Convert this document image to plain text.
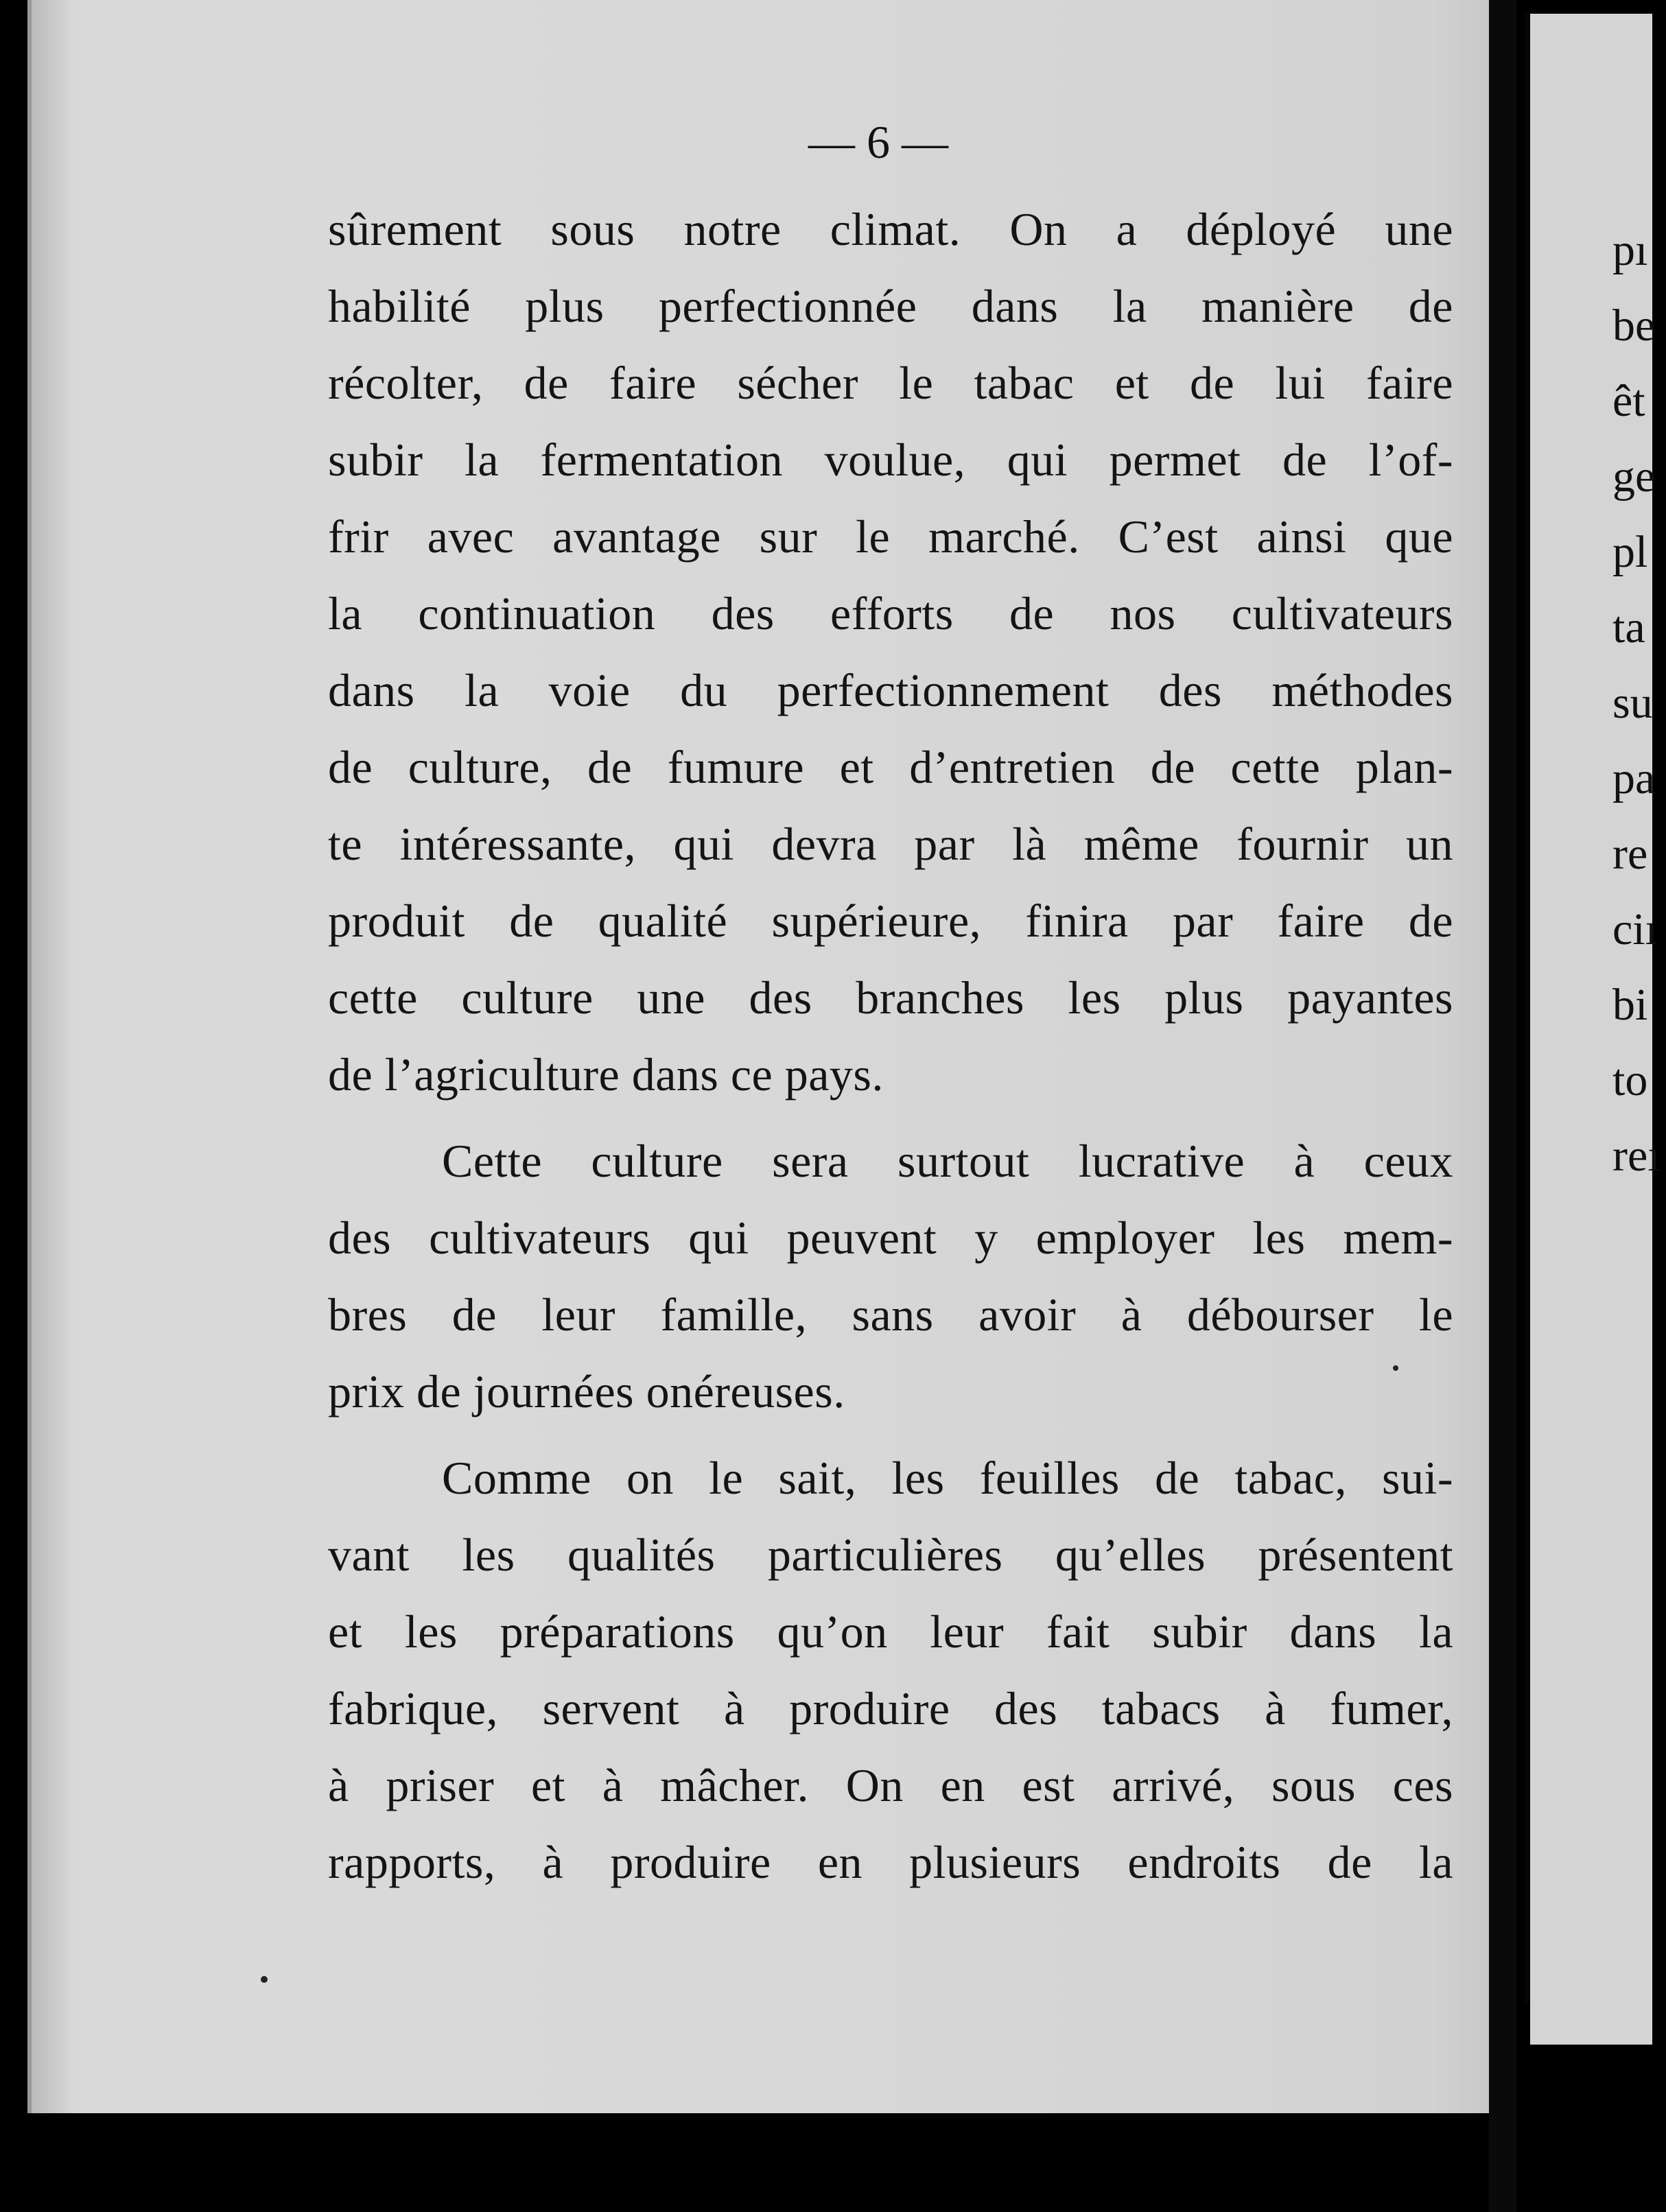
pı
be
êt
ge
pl
ta
su
pa
re
ciı
bi
to
reı
— 6 —
sûrement sous notre climat. On a déployé une
habilité plus perfectionnée dans la manière de
récolter, de faire sécher le tabac et de lui faire
subir la fermentation voulue, qui permet de l’of-
frir avec avantage sur le marché. C’est ainsi que
la continuation des efforts de nos cultivateurs
dans la voie du perfectionnement des méthodes
de culture, de fumure et d’entretien de cette plan-
te intéressante, qui devra par là même fournir un
produit de qualité supérieure, finira par faire de
cette culture une des branches les plus payantes
de l’agriculture dans ce pays.
Cette culture sera surtout lucrative à ceux
des cultivateurs qui peuvent y employer les mem-
bres de leur famille, sans avoir à débourser le
prix de journées onéreuses.
Comme on le sait, les feuilles de tabac, sui-
vant les qualités particulières qu’elles présentent
et les préparations qu’on leur fait subir dans la
fabrique, servent à produire des tabacs à fumer,
à priser et à mâcher. On en est arrivé, sous ces
rapports, à produire en plusieurs endroits de la
